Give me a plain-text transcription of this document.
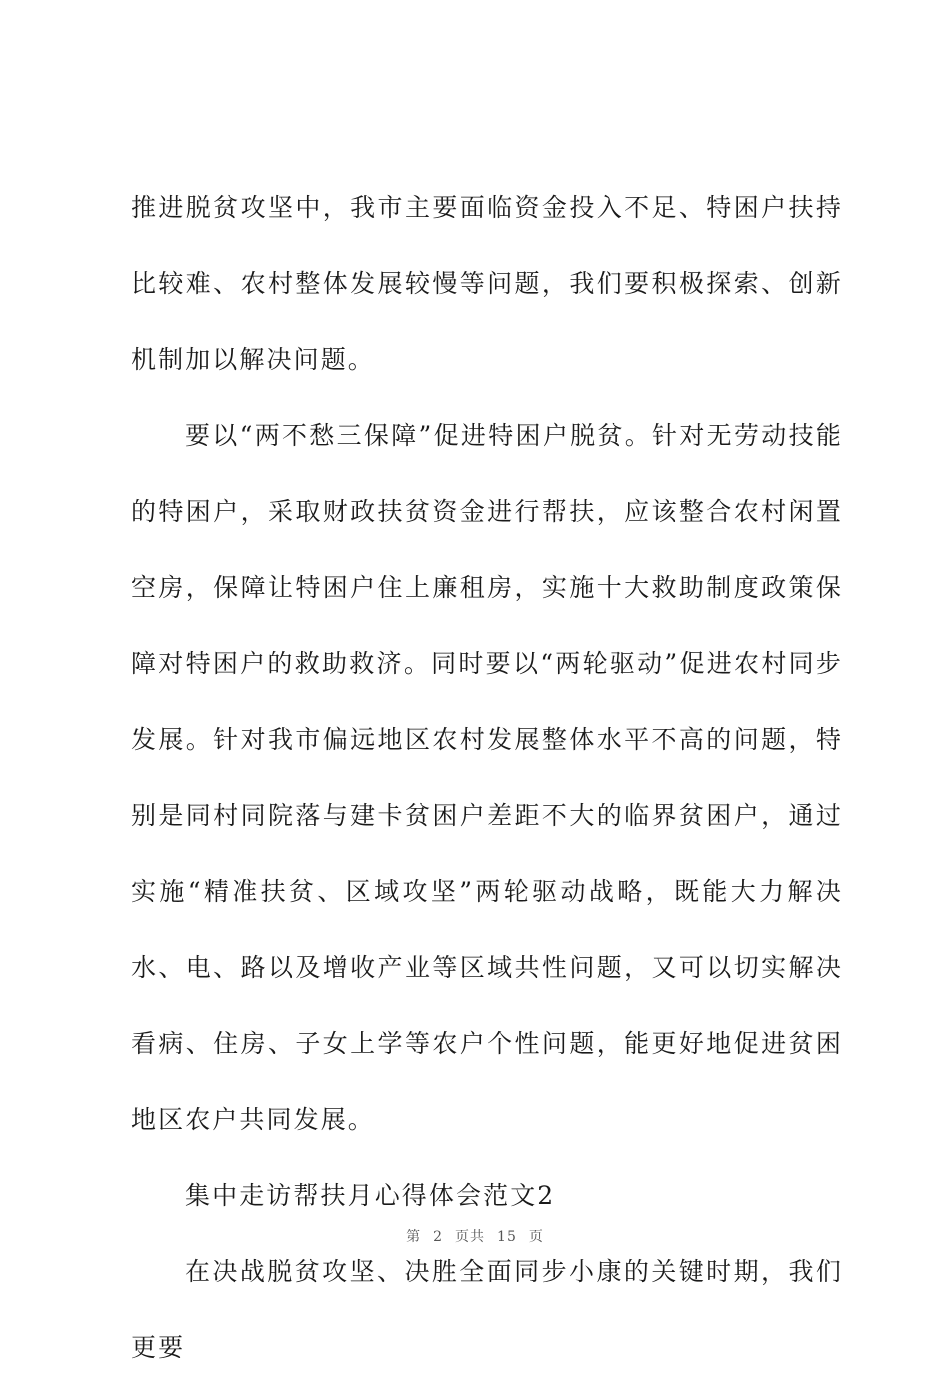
推进脱贫攻坚中，我市主要面临资金投入不足、特困户扶持比较难、农村整体发展较慢等问题，我们要积极探索、创新机制加以解决问题。

要以“两不愁三保障”促进特困户脱贫。针对无劳动技能的特困户，采取财政扶贫资金进行帮扶，应该整合农村闲置空房，保障让特困户住上廉租房，实施十大救助制度政策保障对特困户的救助救济。同时要以“两轮驱动”促进农村同步发展。针对我市偏远地区农村发展整体水平不高的问题，特别是同村同院落与建卡贫困户差距不大的临界贫困户，通过实施“精准扶贫、区域攻坚”两轮驱动战略，既能大力解决水、电、路以及增收产业等区域共性问题，又可以切实解决看病、住房、子女上学等农户个性问题，能更好地促进贫困地区农户共同发展。

集中走访帮扶月心得体会范文2

在决战脱贫攻坚、决胜全面同步小康的关键时期，我们更要

第 2 页共 15 页
